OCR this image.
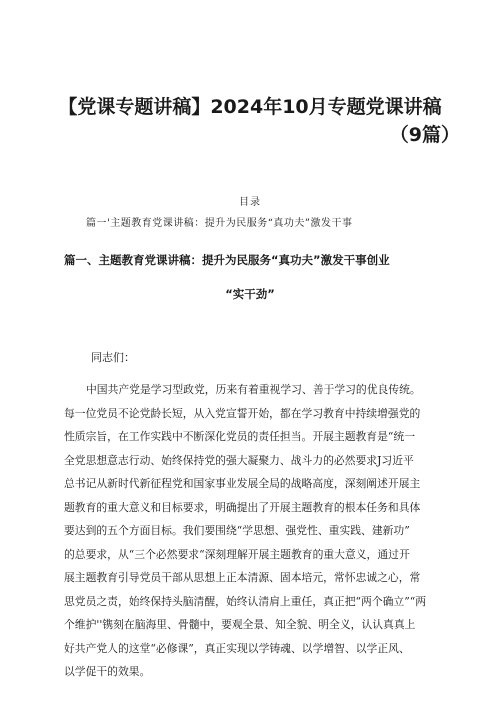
【党课专题讲稿】2024年10月专题党课讲稿
（9篇）
目录
篇一'主题教育党课讲稿：提升为民服务“真功夫”激发干事
篇一、主题教育党课讲稿：提升为民服务“真功夫”激发干事创业
“实干劲”
同志们：
中国共产党是学习型政党，历来有着重视学习、善于学习的优良传统。
每一位党员不论党龄长短，从入党宣誓开始，都在学习教育中持续增强党的
性质宗旨，在工作实践中不断深化党员的责任担当。开展主题教育是“统一
全党思想意志行动、始终保持党的强大凝聚力、战斗力的必然要求J习近平
总书记从新时代新征程党和国家事业发展全局的战略高度，深刻阐述开展主
题教育的重大意义和目标要求，明确提出了开展主题教育的根本任务和具体
要达到的五个方面目标。我们要围绕“学思想、强党性、重实践、建新功”
的总要求，从“三个必然要求“深刻理解开展主题教育的重大意义，通过开
展主题教育引导党员干部从思想上正本清源、固本培元，常怀忠诚之心，常
思党员之责，始终保持头脑清醒，始终认清肩上重任，真正把“两个确立”“两
个维护''镌刻在脑海里、骨髓中，要观全景、知全貌、明全义，认认真真上
好共产党人的这堂“必修课”，真正实现以学铸魂、以学增智、以学正风、
以学促干的效果。
